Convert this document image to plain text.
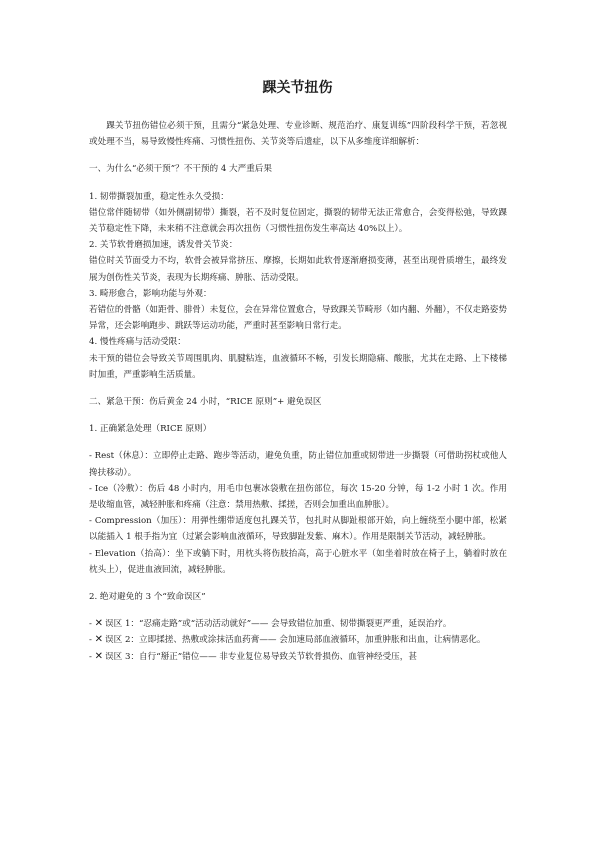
踝关节扭伤

踝关节扭伤错位必须干预，且需分“紧急处理、专业诊断、规范治疗、康复训练”四阶段科学干预，若忽视或处理不当，易导致慢性疼痛、习惯性扭伤、关节炎等后遗症，以下从多维度详细解析：

一、为什么“必须干预”？不干预的 4 大严重后果

1. 韧带撕裂加重，稳定性永久受损：

错位常伴随韧带（如外侧副韧带）撕裂，若不及时复位固定，撕裂的韧带无法正常愈合，会变得松弛，导致踝关节稳定性下降，未来稍不注意就会再次扭伤（习惯性扭伤发生率高达 40%以上）。

2. 关节软骨磨损加速，诱发骨关节炎：

错位时关节面受力不均，软骨会被异常挤压、摩擦，长期如此软骨逐渐磨损变薄，甚至出现骨质增生，最终发展为创伤性关节炎，表现为长期疼痛、肿胀、活动受限。

3. 畸形愈合，影响功能与外观：

若错位的骨骼（如距骨、腓骨）未复位，会在异常位置愈合，导致踝关节畸形（如内翻、外翻），不仅走路姿势异常，还会影响跑步、跳跃等运动功能，严重时甚至影响日常行走。

4. 慢性疼痛与活动受限：

未干预的错位会导致关节周围肌肉、肌腱粘连，血液循环不畅，引发长期隐痛、酸胀，尤其在走路、上下楼梯时加重，严重影响生活质量。

二、紧急干预：伤后黄金 24 小时，“RICE 原则”+ 避免误区

1. 正确紧急处理（RICE 原则）

- Rest（休息）：立即停止走路、跑步等活动，避免负重，防止错位加重或韧带进一步撕裂（可借助拐杖或他人搀扶移动）。

- Ice（冷敷）：伤后 48 小时内，用毛巾包裹冰袋敷在扭伤部位，每次 15-20 分钟，每 1-2 小时 1 次。作用是收缩血管，减轻肿胀和疼痛（注意：禁用热敷、揉搓，否则会加重出血肿胀）。

- Compression（加压）：用弹性绷带适度包扎踝关节，包扎时从脚趾根部开始，向上缠绕至小腿中部，松紧以能插入 1 根手指为宜（过紧会影响血液循环，导致脚趾发紫、麻木）。作用是限制关节活动，减轻肿胀。

- Elevation（抬高）：坐下或躺下时，用枕头将伤肢抬高，高于心脏水平（如坐着时放在椅子上，躺着时放在枕头上），促进血液回流，减轻肿胀。

2. 绝对避免的 3 个“致命误区”

- ✕ 误区 1：“忍痛走路”或“活动活动就好”—— 会导致错位加重、韧带撕裂更严重，延误治疗。

- ✕ 误区 2：立即揉搓、热敷或涂抹活血药膏—— 会加速局部血液循环，加重肿胀和出血，让病情恶化。

- ✕ 误区 3：自行“掰正”错位—— 非专业复位易导致关节软骨损伤、血管神经受压，甚
